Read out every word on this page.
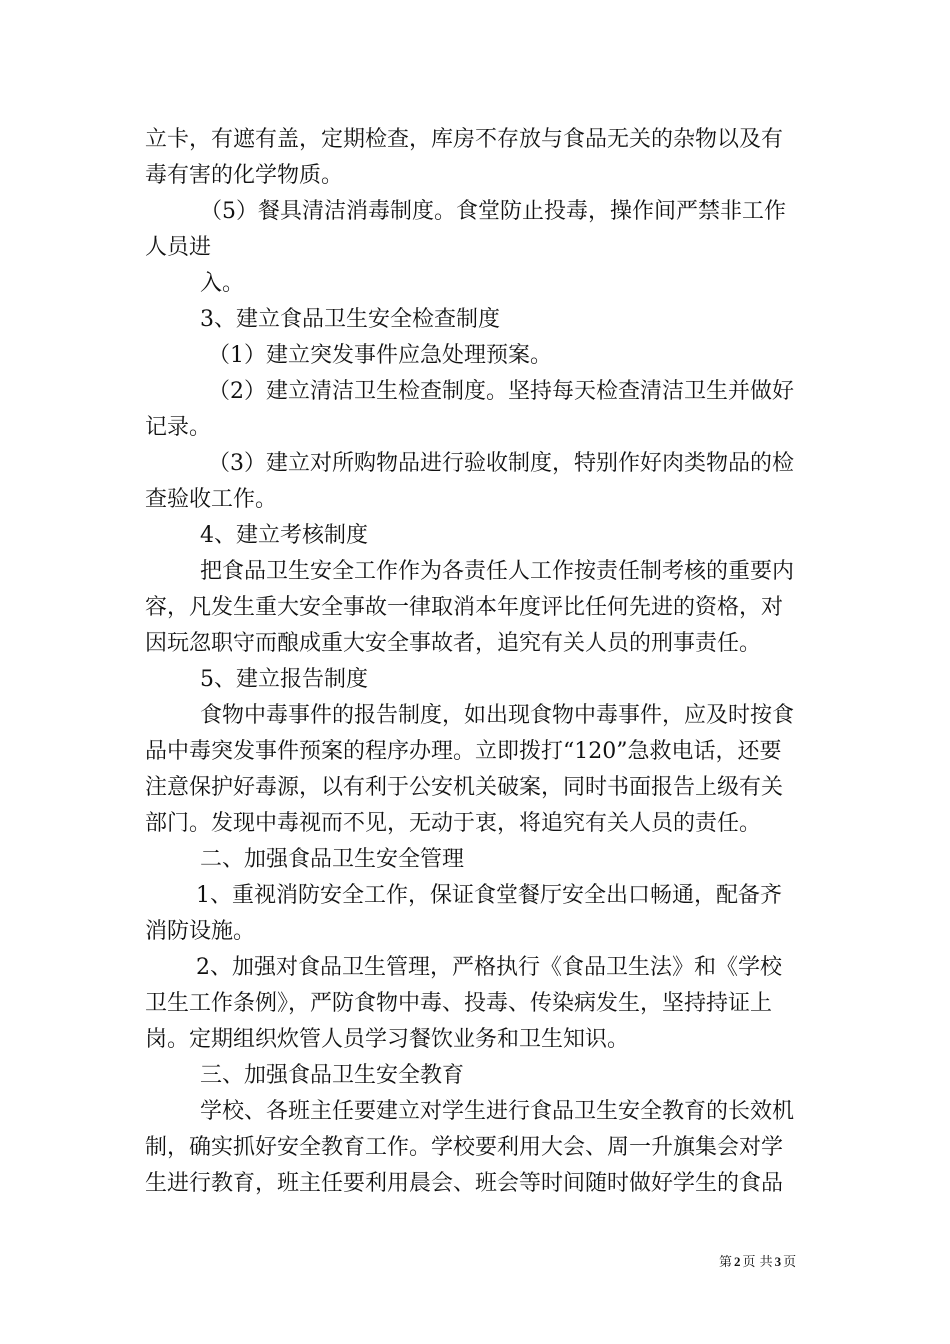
立卡，有遮有盖，定期检查，库房不存放与食品无关的杂物以及有
毒有害的化学物质。
（5）餐具清洁消毒制度。食堂防止投毒，操作间严禁非工作
人员进
入。
3、建立食品卫生安全检查制度
（1）建立突发事件应急处理预案。
（2）建立清洁卫生检查制度。坚持每天检查清洁卫生并做好
记录。
（3）建立对所购物品进行验收制度，特别作好肉类物品的检
查验收工作。
4、建立考核制度
把食品卫生安全工作作为各责任人工作按责任制考核的重要内
容，凡发生重大安全事故一律取消本年度评比任何先进的资格，对
因玩忽职守而酿成重大安全事故者，追究有关人员的刑事责任。
5、建立报告制度
食物中毒事件的报告制度，如出现食物中毒事件，应及时按食
品中毒突发事件预案的程序办理。立即拨打“120”急救电话，还要
注意保护好毒源，以有利于公安机关破案，同时书面报告上级有关
部门。发现中毒视而不见，无动于衷，将追究有关人员的责任。
二、加强食品卫生安全管理
1、重视消防安全工作，保证食堂餐厅安全出口畅通，配备齐
消防设施。
2、加强对食品卫生管理，严格执行《食品卫生法》和《学校
卫生工作条例》，严防食物中毒、投毒、传染病发生，坚持持证上
岗。定期组织炊管人员学习餐饮业务和卫生知识。
三、加强食品卫生安全教育
学校、各班主任要建立对学生进行食品卫生安全教育的长效机
制，确实抓好安全教育工作。学校要利用大会、周一升旗集会对学
生进行教育，班主任要利用晨会、班会等时间随时做好学生的食品
第 2 页 共 3 页
